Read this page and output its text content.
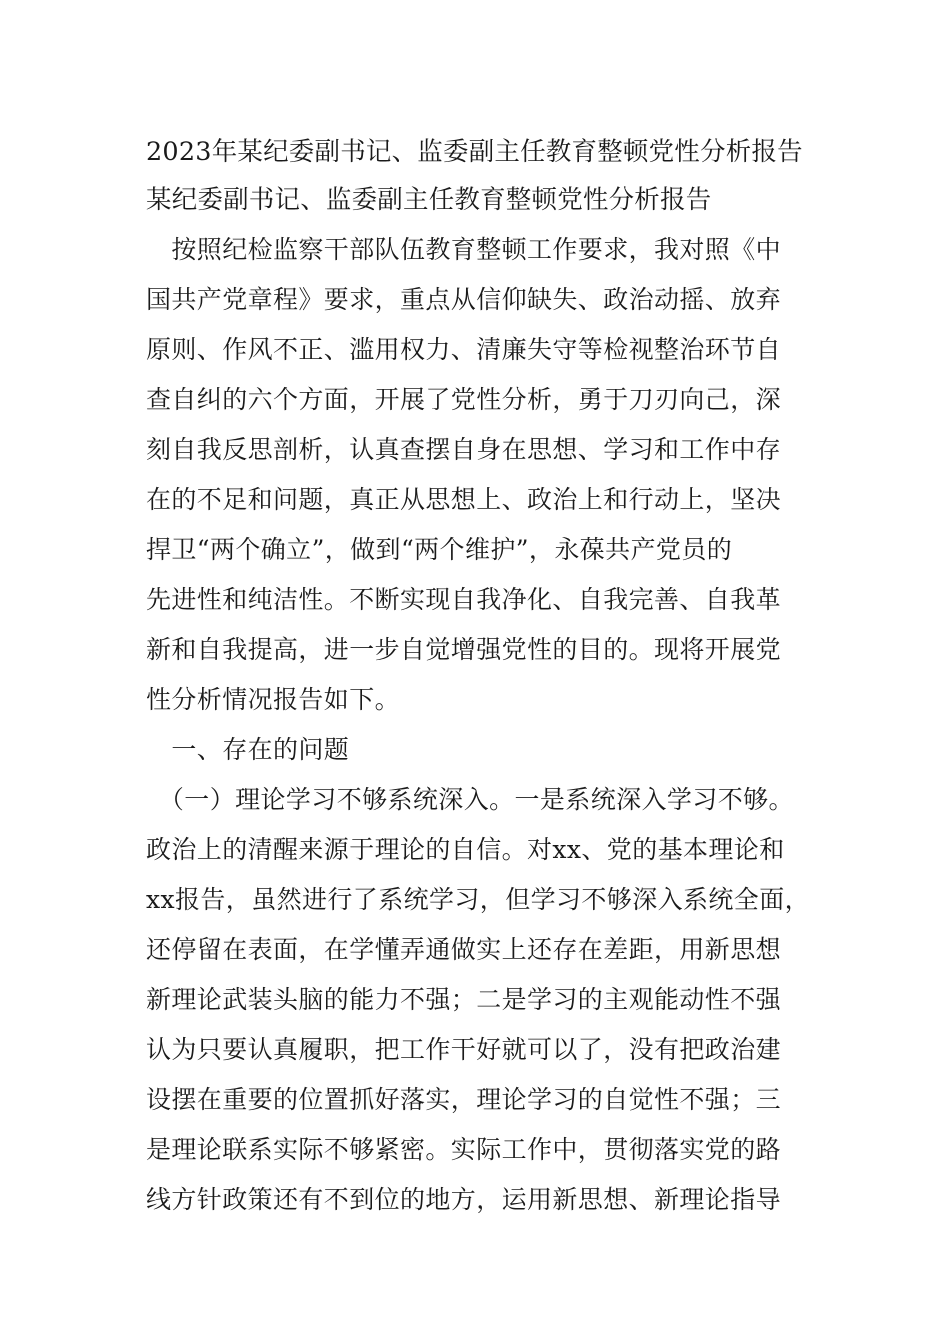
2023年某纪委副书记、监委副主任教育整顿党性分析报告
某纪委副书记、监委副主任教育整顿党性分析报告
　按照纪检监察干部队伍教育整顿工作要求，我对照《中
国共产党章程》要求，重点从信仰缺失、政治动摇、放弃
原则、作风不正、滥用权力、清廉失守等检视整治环节自
查自纠的六个方面，开展了党性分析，勇于刀刃向己，深
刻自我反思剖析，认真查摆自身在思想、学习和工作中存
在的不足和问题，真正从思想上、政治上和行动上，坚决
捍卫“两个确立”，做到“两个维护”，永葆共产党员的
先进性和纯洁性。不断实现自我净化、自我完善、自我革
新和自我提高，进一步自觉增强党性的目的。现将开展党
性分析情况报告如下。
　一、存在的问题
　（一）理论学习不够系统深入。一是系统深入学习不够。
政治上的清醒来源于理论的自信。对xx、党的基本理论和
xx报告，虽然进行了系统学习，但学习不够深入系统全面，
还停留在表面，在学懂弄通做实上还存在差距，用新思想
新理论武装头脑的能力不强；二是学习的主观能动性不强
认为只要认真履职，把工作干好就可以了，没有把政治建
设摆在重要的位置抓好落实，理论学习的自觉性不强；三
是理论联系实际不够紧密。实际工作中，贯彻落实党的路
线方针政策还有不到位的地方，运用新思想、新理论指导
